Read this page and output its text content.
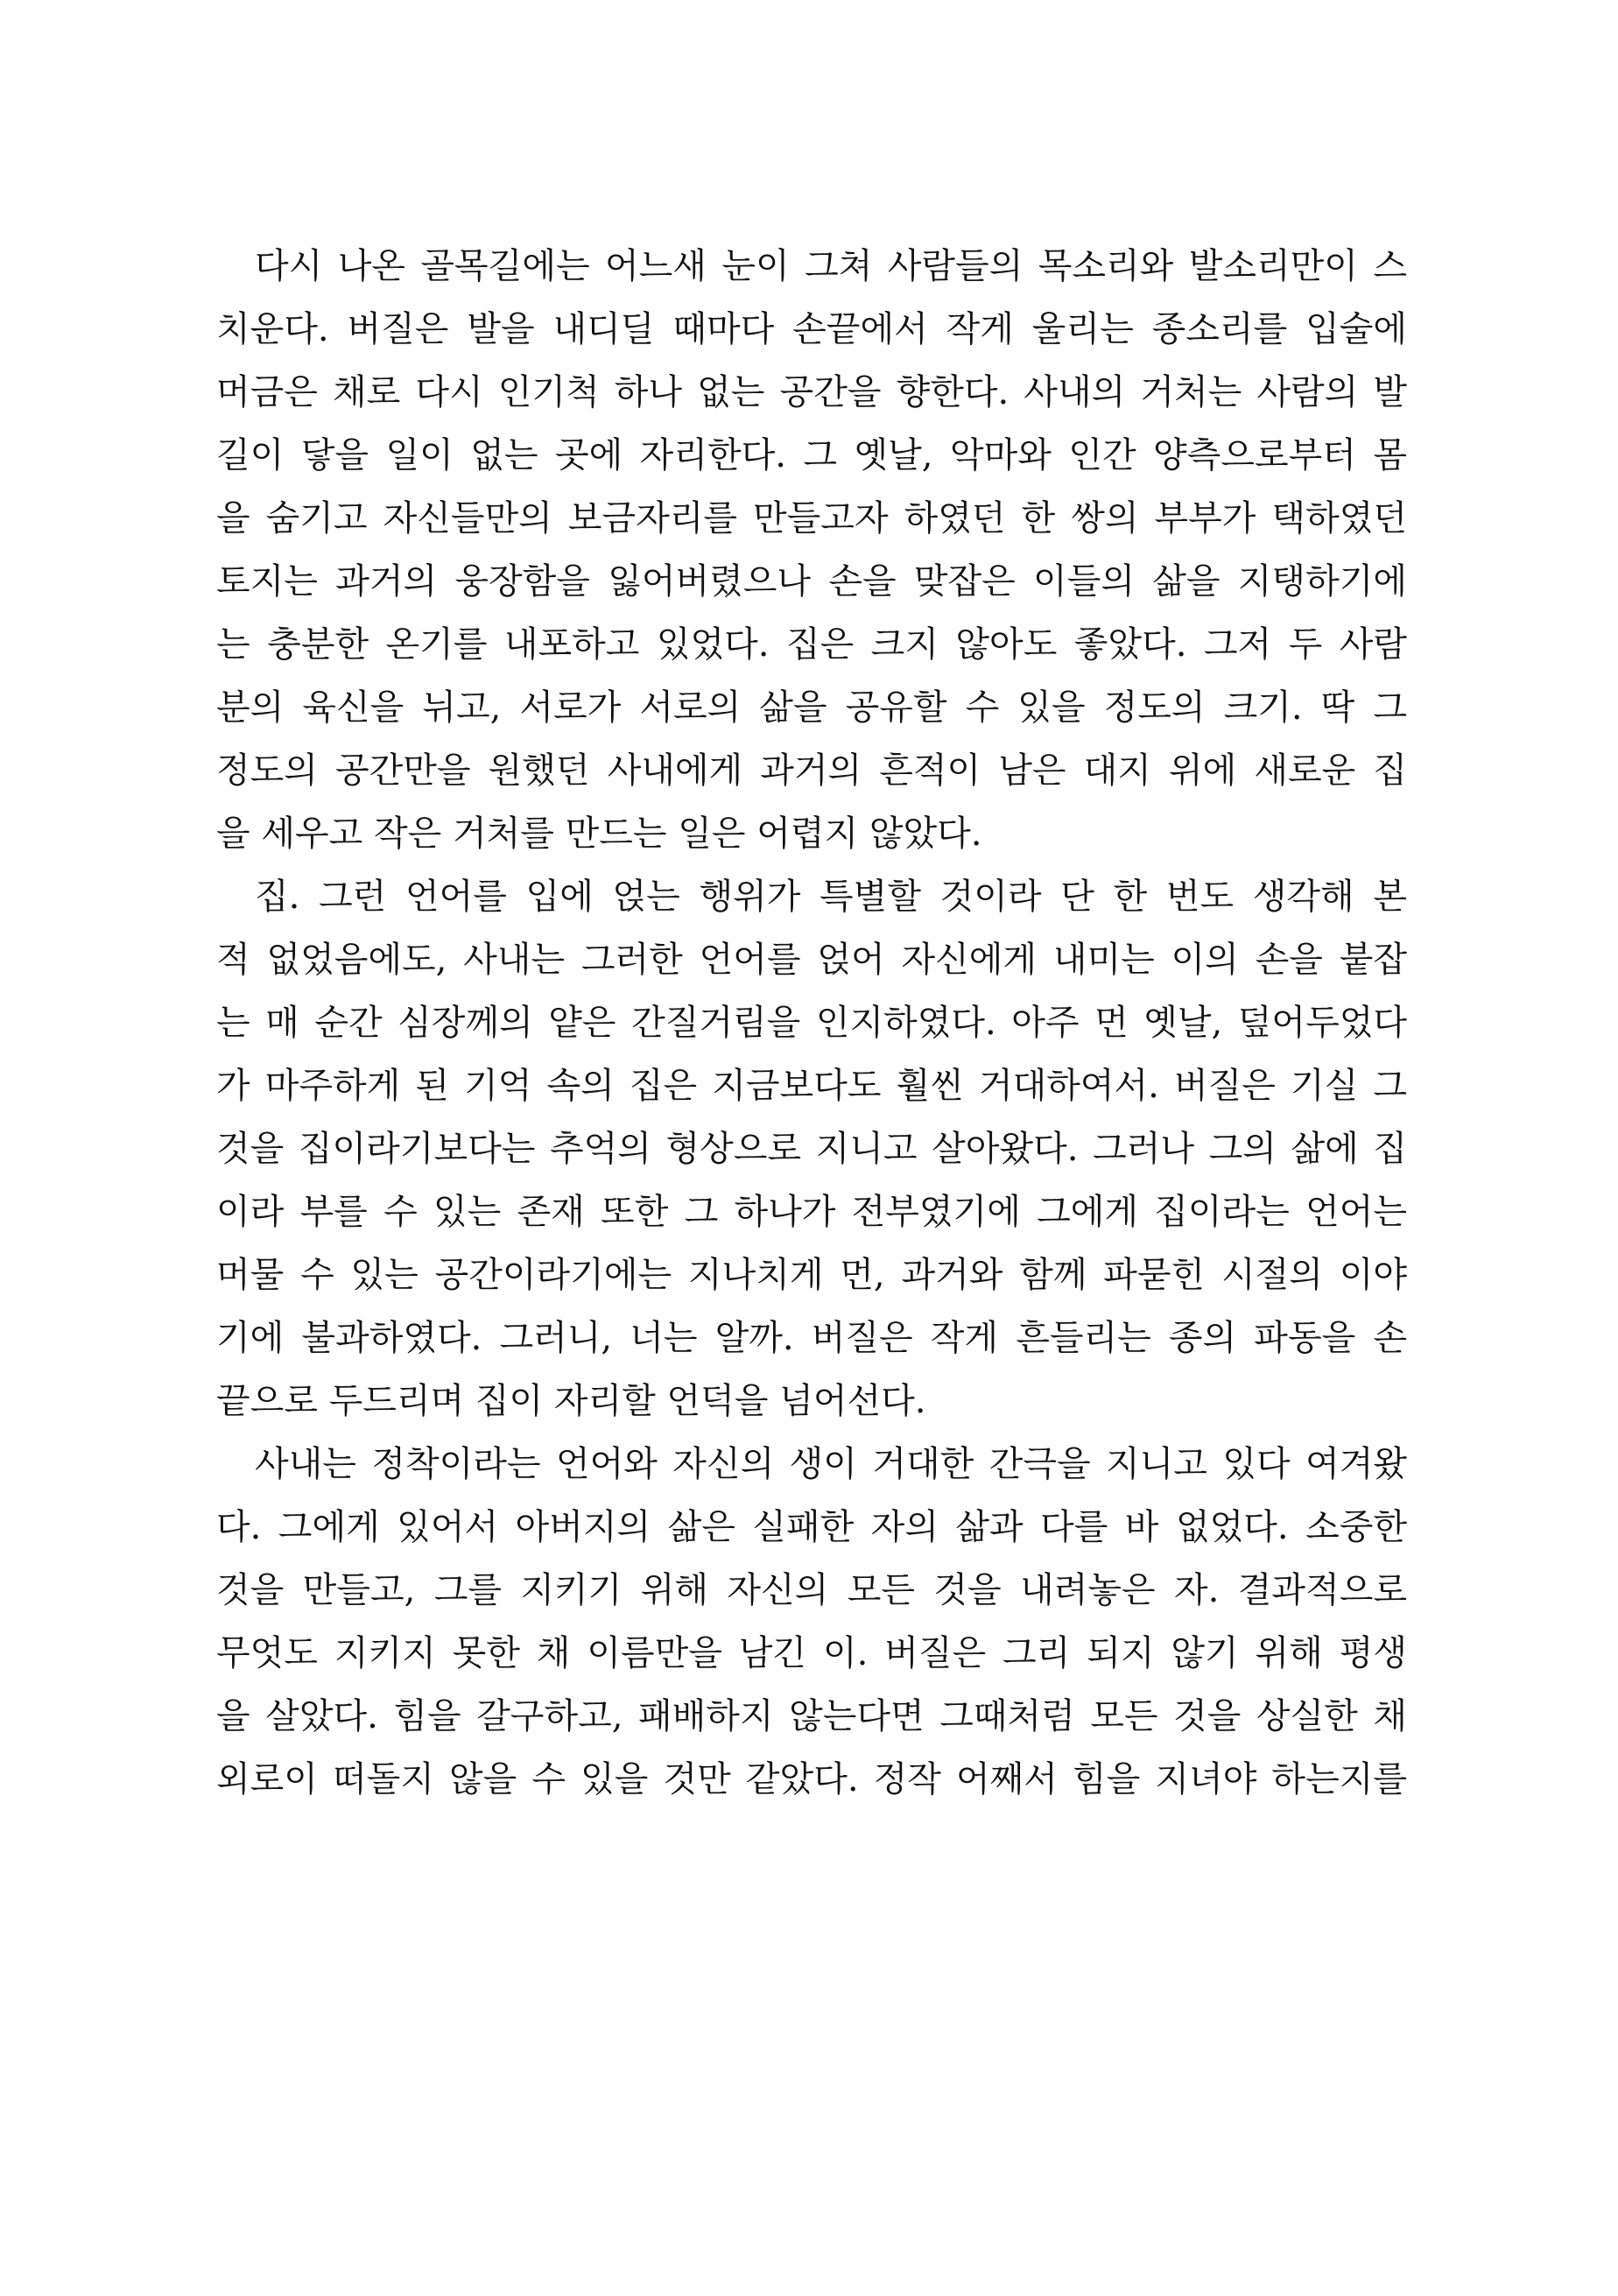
다시 나온 골목길에는 어느새 눈이 그쳐 사람들의 목소리와 발소리만이 스
치운다. 버질은 발을 내디딜 때마다 손끝에서 작게 울리는 종소리를 입술에
머금은 채로 다시 인기척 하나 없는 공간을 향한다. 사내의 거처는 사람의 발
길이 닿을 일이 없는 곳에 자리한다. 그 옛날, 악마와 인간 양측으로부터 몸
을 숨기고 자신들만의 보금자리를 만들고자 하였던 한 쌍의 부부가 택하였던
토지는 과거의 웅장함을 잃어버렸으나 손을 맞잡은 이들의 삶을 지탱하기에
는 충분한 온기를 내포하고 있었다. 집은 크지 않아도 좋았다. 그저 두 사람
분의 육신을 뉘고, 서로가 서로의 삶을 공유할 수 있을 정도의 크기. 딱 그
정도의 공간만을 원했던 사내에게 과거의 흔적이 남은 대지 위에 새로운 집
을 세우고 작은 거처를 만드는 일은 어렵지 않았다.
집. 그런 언어를 입에 얹는 행위가 특별할 것이라 단 한 번도 생각해 본
적 없었음에도, 사내는 그러한 언어를 얹어 자신에게 내미는 이의 손을 붙잡
는 매 순간 심장께의 얕은 간질거림을 인지하였다. 아주 먼 옛날, 덮어두었다
가 마주하게 된 기억 속의 집은 지금보다도 훨씬 거대하여서. 버질은 기실 그
것을 집이라기보다는 추억의 형상으로 지니고 살아왔다. 그러나 그의 삶에 집
이라 부를 수 있는 존재 또한 그 하나가 전부였기에 그에게 집이라는 언어는
머물 수 있는 공간이라기에는 지나치게 먼, 과거와 함께 파묻힌 시절의 이야
기에 불과하였다. 그러니, 너는 알까. 버질은 작게 흔들리는 종의 파동을 손
끝으로 두드리며 집이 자리할 언덕을 넘어선다.
사내는 정착이라는 언어와 자신의 생이 거대한 간극을 지니고 있다 여겨왔
다. 그에게 있어서 아버지의 삶은 실패한 자의 삶과 다를 바 없었다. 소중한
것을 만들고, 그를 지키기 위해 자신의 모든 것을 내려놓은 자. 결과적으로
무엇도 지키지 못한 채 이름만을 남긴 이. 버질은 그리 되지 않기 위해 평생
을 살았다. 힘을 갈구하고, 패배하지 않는다면 그때처럼 모든 것을 상실한 채
외로이 떠돌지 않을 수 있을 것만 같았다. 정작 어째서 힘을 지녀야 하는지를
